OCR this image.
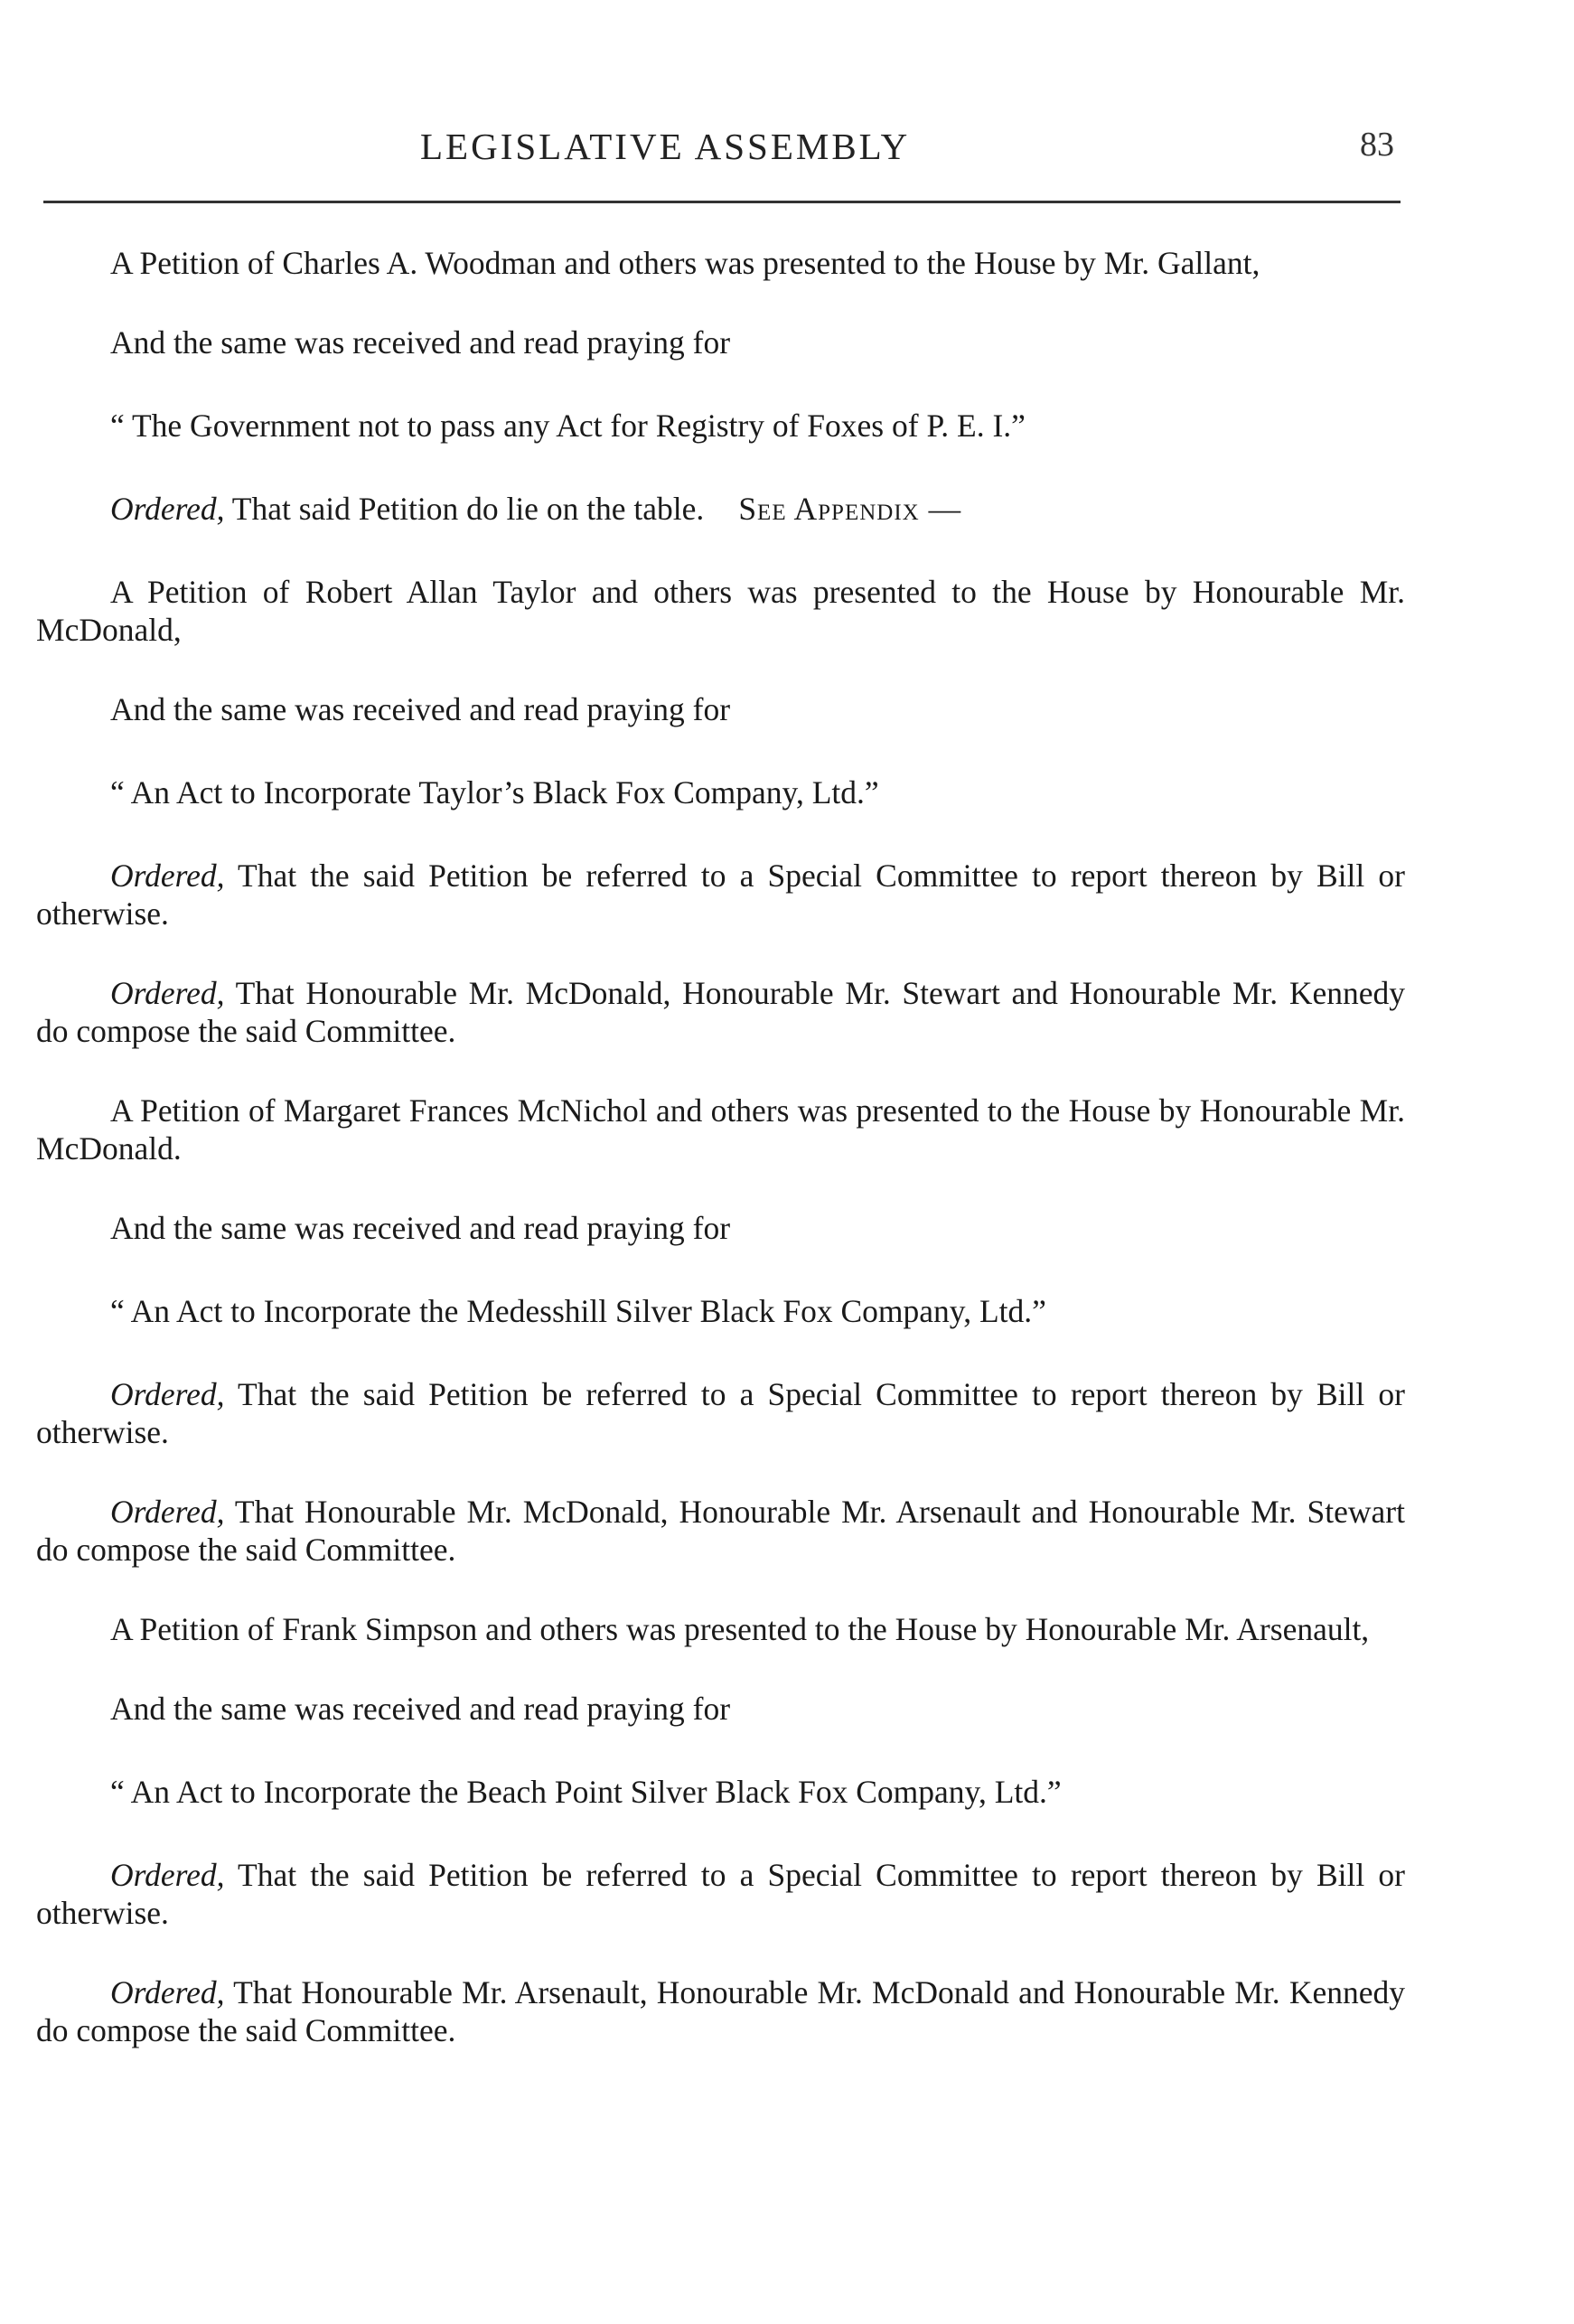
LEGISLATIVE ASSEMBLY	83

A Petition of Charles A. Woodman and others was presented to the House by Mr. Gallant,

And the same was received and read praying for

“ The Government not to pass any Act for Registry of Foxes of P. E. I.”

Ordered, That said Petition do lie on the table. See Appendix —

A Petition of Robert Allan Taylor and others was presented to the House by Honourable Mr. McDonald,

And the same was received and read praying for

“ An Act to Incorporate Taylor’s Black Fox Company, Ltd.”

Ordered, That the said Petition be referred to a Special Committee to report thereon by Bill or otherwise.

Ordered, That Honourable Mr. McDonald, Honourable Mr. Stewart and Honourable Mr. Kennedy do compose the said Committee.

A Petition of Margaret Frances McNichol and others was presented to the House by Honourable Mr. McDonald.

And the same was received and read praying for

“ An Act to Incorporate the Medesshill Silver Black Fox Company, Ltd.”

Ordered, That the said Petition be referred to a Special Committee to report thereon by Bill or otherwise.

Ordered, That Honourable Mr. McDonald, Honourable Mr. Arsenault and Honourable Mr. Stewart do compose the said Committee.

A Petition of Frank Simpson and others was presented to the House by Honourable Mr. Arsenault,

And the same was received and read praying for

“ An Act to Incorporate the Beach Point Silver Black Fox Company, Ltd.”

Ordered, That the said Petition be referred to a Special Committee to report thereon by Bill or otherwise.

Ordered, That Honourable Mr. Arsenault, Honourable Mr. McDonald and Honourable Mr. Kennedy do compose the said Committee.
